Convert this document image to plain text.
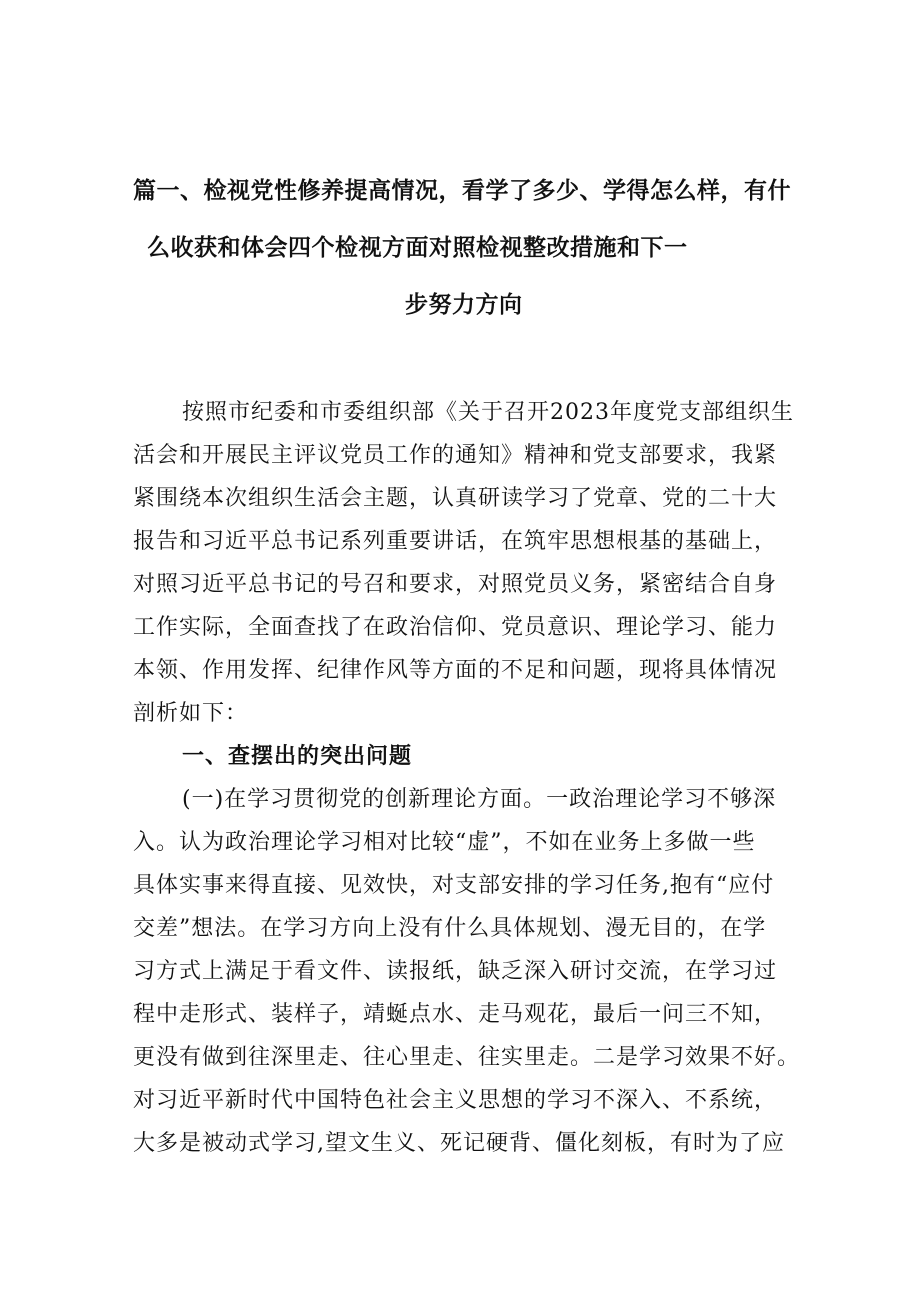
篇一、检视党性修养提高情况，看学了多少、学得怎么样，有什
么收获和体会四个检视方面对照检视整改措施和下一
步努力方向
按照市纪委和市委组织部《关于召开2023年度党支部组织生
活会和开展民主评议党员工作的通知》精神和党支部要求，我紧
紧围绕本次组织生活会主题，认真研读学习了党章、党的二十大
报告和习近平总书记系列重要讲话，在筑牢思想根基的基础上，
对照习近平总书记的号召和要求，对照党员义务，紧密结合自身
工作实际，全面查找了在政治信仰、党员意识、理论学习、能力
本领、作用发挥、纪律作风等方面的不足和问题，现将具体情况
剖析如下：
一、查摆出的突出问题
(一)在学习贯彻党的创新理论方面。一政治理论学习不够深
入。认为政治理论学习相对比较“虚”，不如在业务上多做一些
具体实事来得直接、见效快，对支部安排的学习任务,抱有“应付
交差”想法。在学习方向上没有什么具体规划、漫无目的，在学
习方式上满足于看文件、读报纸，缺乏深入研讨交流，在学习过
程中走形式、装样子，靖蜒点水、走马观花，最后一问三不知，
更没有做到往深里走、往心里走、往实里走。二是学习效果不好。
对习近平新时代中国特色社会主义思想的学习不深入、不系统，
大多是被动式学习,望文生义、死记硬背、僵化刻板，有时为了应
